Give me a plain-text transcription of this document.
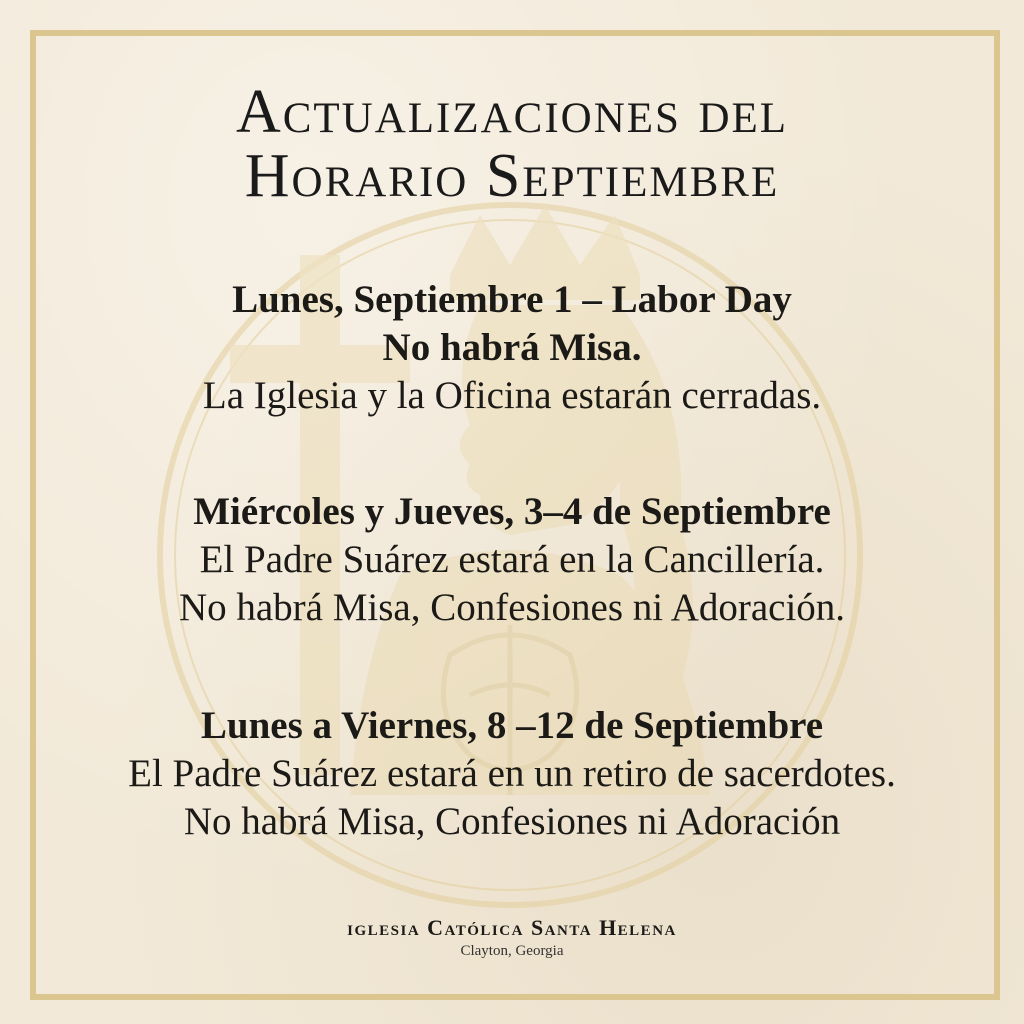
Actualizaciones del
Horario Septiembre
Lunes, Septiembre 1 – Labor Day
No habrá Misa.
La Iglesia y la Oficina estarán cerradas.
Miércoles y Jueves, 3–4 de Septiembre
El Padre Suárez estará en la Cancillería.
No habrá Misa, Confesiones ni Adoración.
Lunes a Viernes, 8 –12 de Septiembre
El Padre Suárez estará en un retiro de sacerdotes.
No habrá Misa, Confesiones ni Adoración
iglesia Católica Santa Helena
Clayton, Georgia
